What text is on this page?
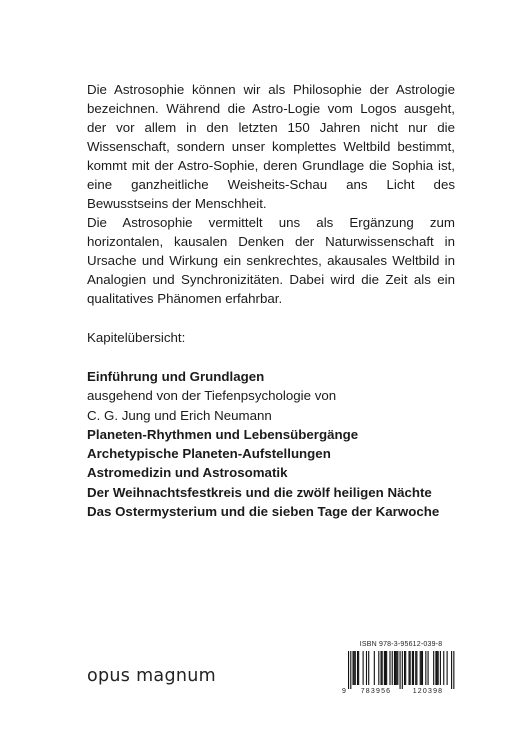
Die Astrosophie können wir als Philosophie der Astrologie bezeichnen. Während die Astro-Logie vom Logos ausgeht, der vor allem in den letzten 150 Jahren nicht nur die Wissenschaft, sondern unser komplettes Weltbild bestimmt, kommt mit der Astro-Sophie, deren Grundlage die Sophia ist, eine ganzheitliche Weisheits-Schau ans Licht des Bewusstseins der Menschheit.

Die Astrosophie vermittelt uns als Ergänzung zum horizontalen, kausalen Denken der Naturwissenschaft in Ursache und Wirkung ein senkrechtes, akausales Weltbild in Analogien und Synchronizitäten. Dabei wird die Zeit als ein qualitatives Phänomen erfahrbar.

Kapitelübersicht:

Einführung und Grundlagen
ausgehend von der Tiefenpsychologie von
C. G. Jung und Erich Neumann
Planeten-Rhythmen und Lebensübergänge
Archetypische Planeten-Aufstellungen
Astromedizin und Astrosomatik
Der Weihnachtsfestkreis und die zwölf heiligen Nächte
Das Ostermysterium und die sieben Tage der Karwoche
opus magnum
ISBN 978-3-95612-039-8
9 783956	120398
